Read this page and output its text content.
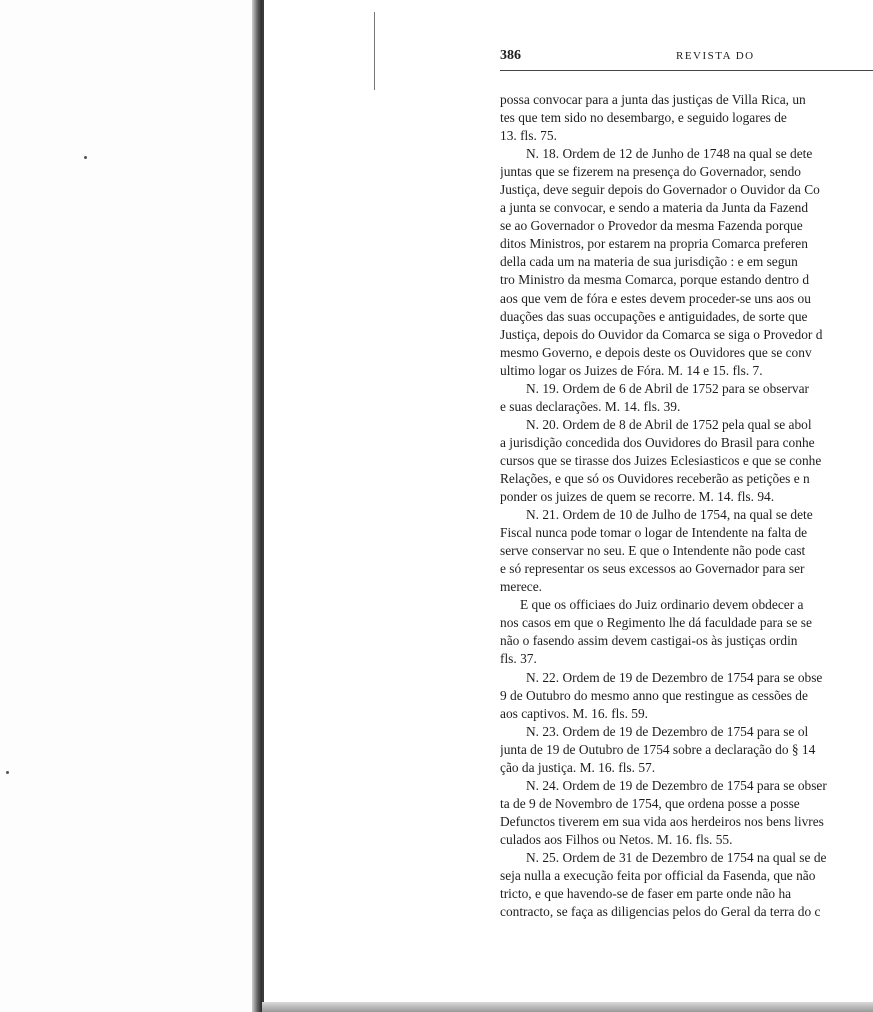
386	REVISTA DO
possa convocar para a junta das justiças de Villa Rica, un
tes que tem sido no desembargo, e seguido logares de
13. fls. 75.
N. 18. Ordem de 12 de Junho de 1748 na qual se dete
juntas que se fizerem na presença do Governador, sendo
Justiça, deve seguir depois do Governador o Ouvidor da Co
a junta se convocar, e sendo a materia da Junta da Fazend
se ao Governador o Provedor da mesma Fazenda porque
ditos Ministros, por estarem na propria Comarca preferen
della cada um na materia de sua jurisdição : e em segun
tro Ministro da mesma Comarca, porque estando dentro d
aos que vem de fóra e estes devem proceder-se uns aos ou
duações das suas occupações e antiguidades, de sorte que
Justiça, depois do Ouvidor da Comarca se siga o Provedor d
mesmo Governo, e depois deste os Ouvidores que se conv
ultimo logar os Juizes de Fóra. M. 14 e 15. fls. 7.
N. 19. Ordem de 6 de Abril de 1752 para se observar
e suas declarações. M. 14. fls. 39.
N. 20. Ordem de 8 de Abril de 1752 pela qual se abol
a jurisdição concedida dos Ouvidores do Brasil para conhe
cursos que se tirasse dos Juizes Eclesiasticos e que se conhe
Relações, e que só os Ouvidores receberão as petições e n
ponder os juizes de quem se recorre. M. 14. fls. 94.
N. 21. Ordem de 10 de Julho de 1754, na qual se dete
Fiscal nunca pode tomar o logar de Intendente na falta de
serve conservar no seu. E que o Intendente não pode cast
e só representar os seus excessos ao Governador para ser
merece.
E que os officiaes do Juiz ordinario devem obdecer a
nos casos em que o Regimento lhe dá faculdade para se se
não o fasendo assim devem castigai-os às justiças ordin
fls. 37.
N. 22. Ordem de 19 de Dezembro de 1754 para se obse
9 de Outubro do mesmo anno que restingue as cessões de
aos captivos. M. 16. fls. 59.
N. 23. Ordem de 19 de Dezembro de 1754 para se ol
junta de 19 de Outubro de 1754 sobre a declaração do § 14
ção da justiça. M. 16. fls. 57.
N. 24. Ordem de 19 de Dezembro de 1754 para se obser
ta de 9 de Novembro de 1754, que ordena posse a posse
Defunctos tiverem em sua vida aos herdeiros nos bens livres
culados aos Filhos ou Netos. M. 16. fls. 55.
N. 25. Ordem de 31 de Dezembro de 1754 na qual se de
seja nulla a execução feita por official da Fasenda, que não
tricto, e que havendo-se de faser em parte onde não ha
contracto, se faça as diligencias pelos do Geral da terra do c
